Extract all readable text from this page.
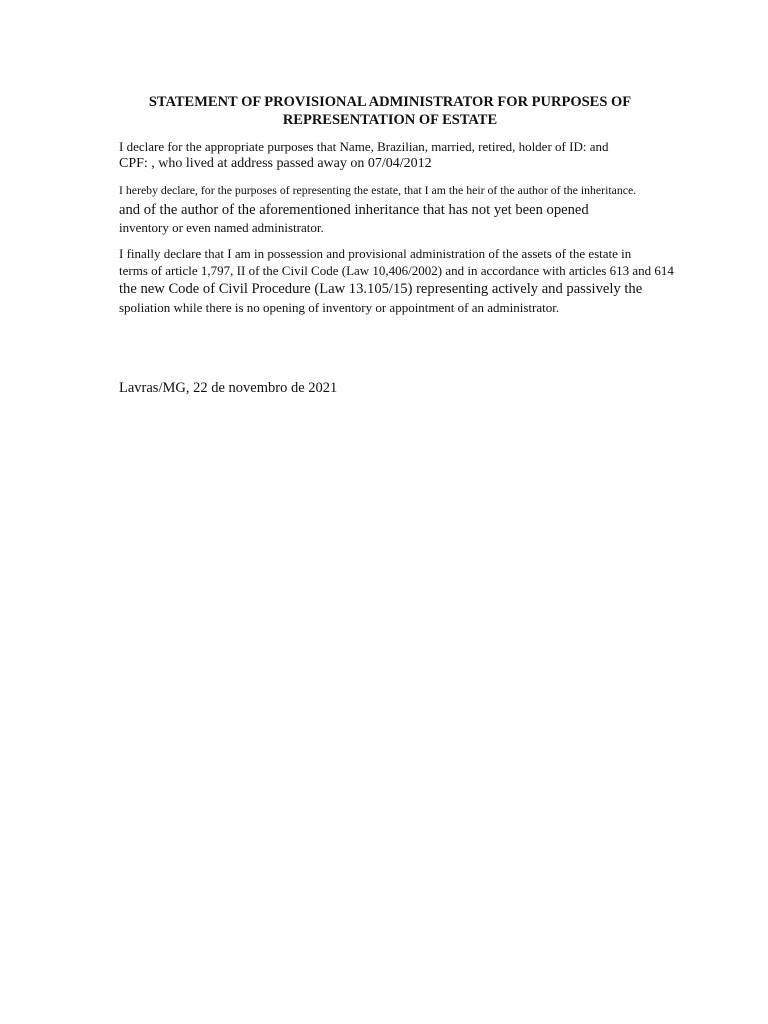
STATEMENT OF PROVISIONAL ADMINISTRATOR FOR PURPOSES OF
REPRESENTATION OF ESTATE

I declare for the appropriate purposes that Name, Brazilian, married, retired, holder of ID: and

CPF: , who lived at address passed away on 07/04/2012

I hereby declare, for the purposes of representing the estate, that I am the heir of the author of the inheritance.

and of the author of the aforementioned inheritance that has not yet been opened

inventory or even named administrator.

I finally declare that I am in possession and provisional administration of the assets of the estate in

terms of article 1,797, II of the Civil Code (Law 10,406/2002) and in accordance with articles 613 and 614

the new Code of Civil Procedure (Law 13.105/15) representing actively and passively the

spoliation while there is no opening of inventory or appointment of an administrator.

Lavras/MG, 22 de novembro de 2021
